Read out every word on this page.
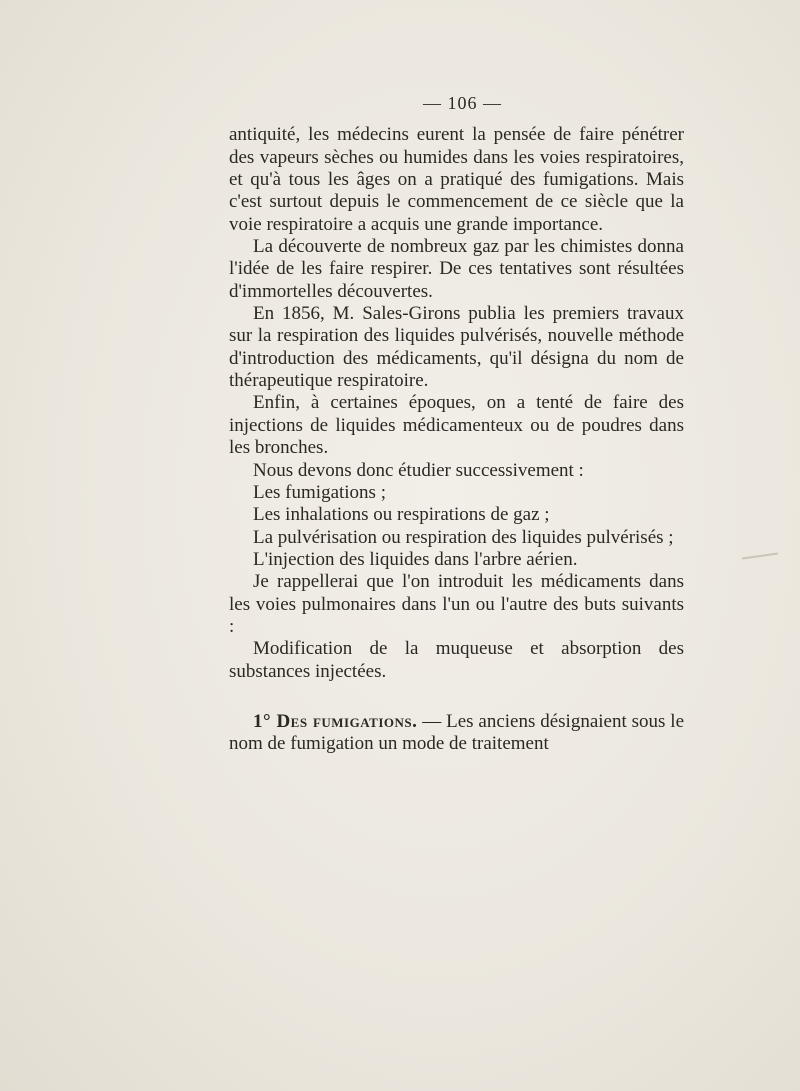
— 106 —

antiquité, les médecins eurent la pensée de faire pénétrer des vapeurs sèches ou humides dans les voies respiratoires, et qu'à tous les âges on a pratiqué des fumigations. Mais c'est surtout depuis le commencement de ce siècle que la voie respiratoire a acquis une grande importance.

La découverte de nombreux gaz par les chimistes donna l'idée de les faire respirer. De ces tentatives sont résultées d'immortelles découvertes.

En 1856, M. Sales-Girons publia les premiers travaux sur la respiration des liquides pulvérisés, nouvelle méthode d'introduction des médicaments, qu'il désigna du nom de thérapeutique respiratoire.

Enfin, à certaines époques, on a tenté de faire des injections de liquides médicamenteux ou de poudres dans les bronches.

Nous devons donc étudier successivement :

Les fumigations ;

Les inhalations ou respirations de gaz ;

La pulvérisation ou respiration des liquides pulvérisés ;

L'injection des liquides dans l'arbre aérien.

Je rappellerai que l'on introduit les médicaments dans les voies pulmonaires dans l'un ou l'autre des buts suivants :

Modification de la muqueuse et absorption des substances injectées.

1° Des fumigations. — Les anciens désignaient sous le nom de fumigation un mode de traitement
